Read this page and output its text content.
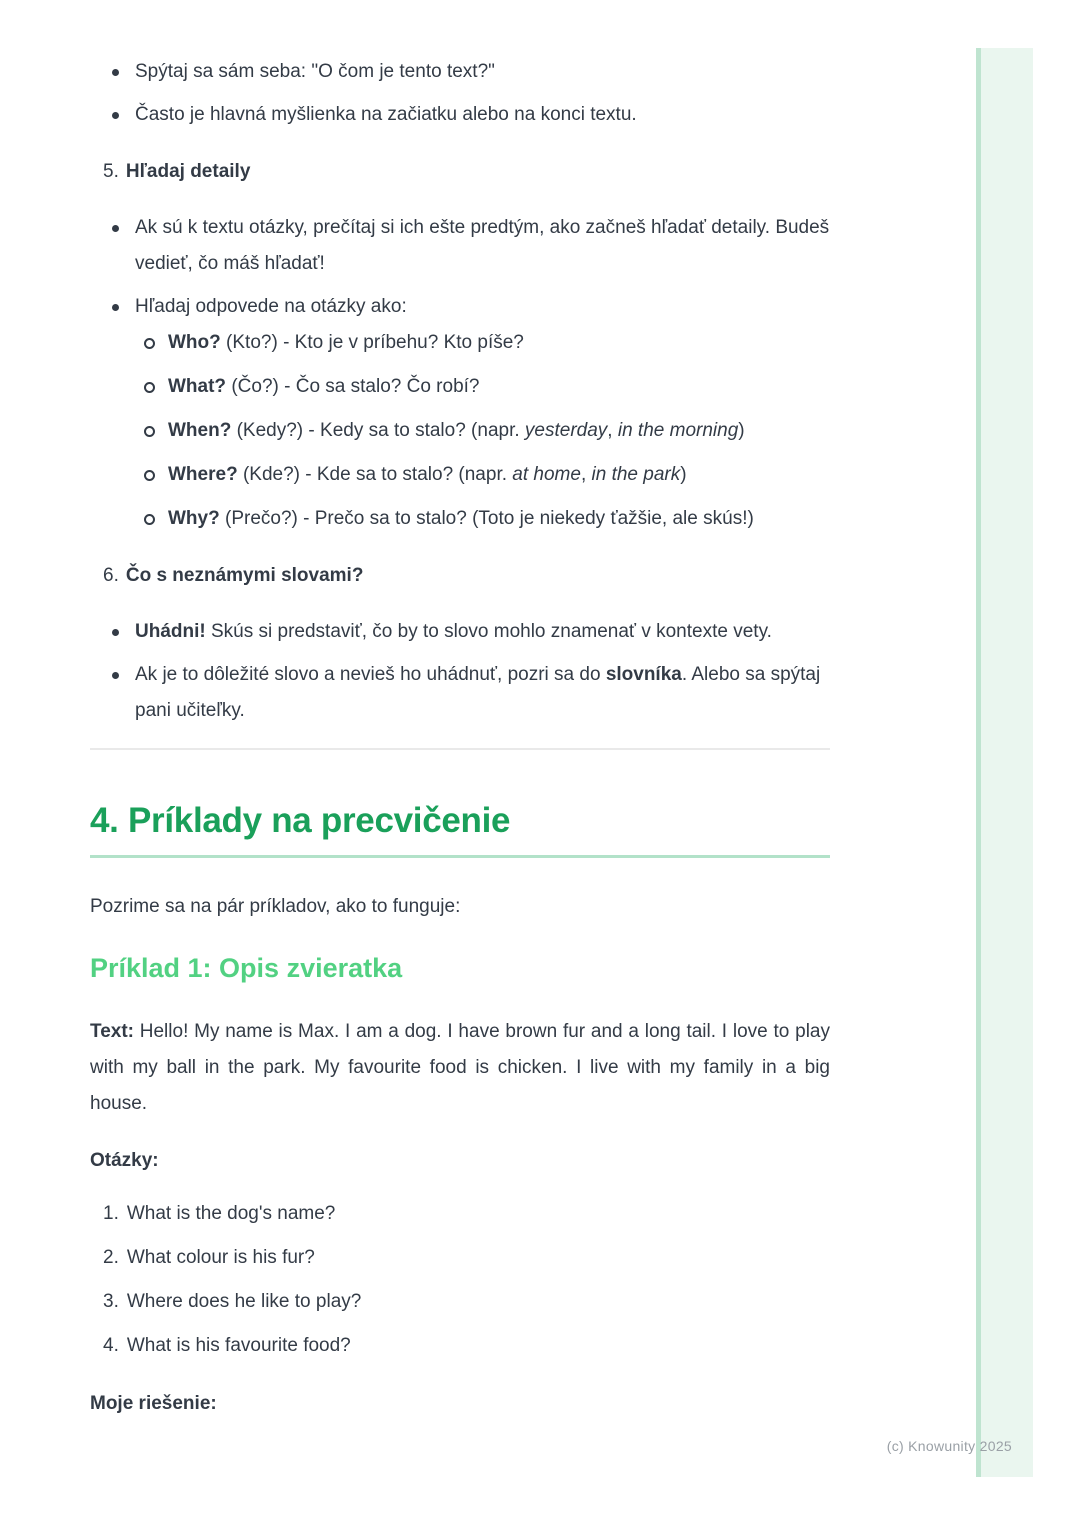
(c) Knowunity 2025
Spýtaj sa sám seba: "O čom je tento text?"
Často je hlavná myšlienka na začiatku alebo na konci textu.
5. Hľadaj detaily
Ak sú k textu otázky, prečítaj si ich ešte predtým, ako začneš hľadať detaily. Budeš vedieť, čo máš hľadať!
Hľadaj odpovede na otázky ako:
Who? (Kto?) - Kto je v príbehu? Kto píše?
What? (Čo?) - Čo sa stalo? Čo robí?
When? (Kedy?) - Kedy sa to stalo? (napr. yesterday, in the morning)
Where? (Kde?) - Kde sa to stalo? (napr. at home, in the park)
Why? (Prečo?) - Prečo sa to stalo? (Toto je niekedy ťažšie, ale skús!)
6. Čo s neznámymi slovami?
Uhádni! Skús si predstaviť, čo by to slovo mohlo znamenať v kontexte vety.
Ak je to dôležité slovo a nevieš ho uhádnuť, pozri sa do slovníka. Alebo sa spýtaj pani učiteľky.
4. Príklady na precvičenie

Pozrime sa na pár príkladov, ako to funguje:

Príklad 1: Opis zvieratka

Text: Hello! My name is Max. I am a dog. I have brown fur and a long tail. I love to play with my ball in the park. My favourite food is chicken. I live with my family in a big house.

Otázky:

1. What is the dog's name?
2. What colour is his fur?
3. Where does he like to play?
4. What is his favourite food?

Moje riešenie:
